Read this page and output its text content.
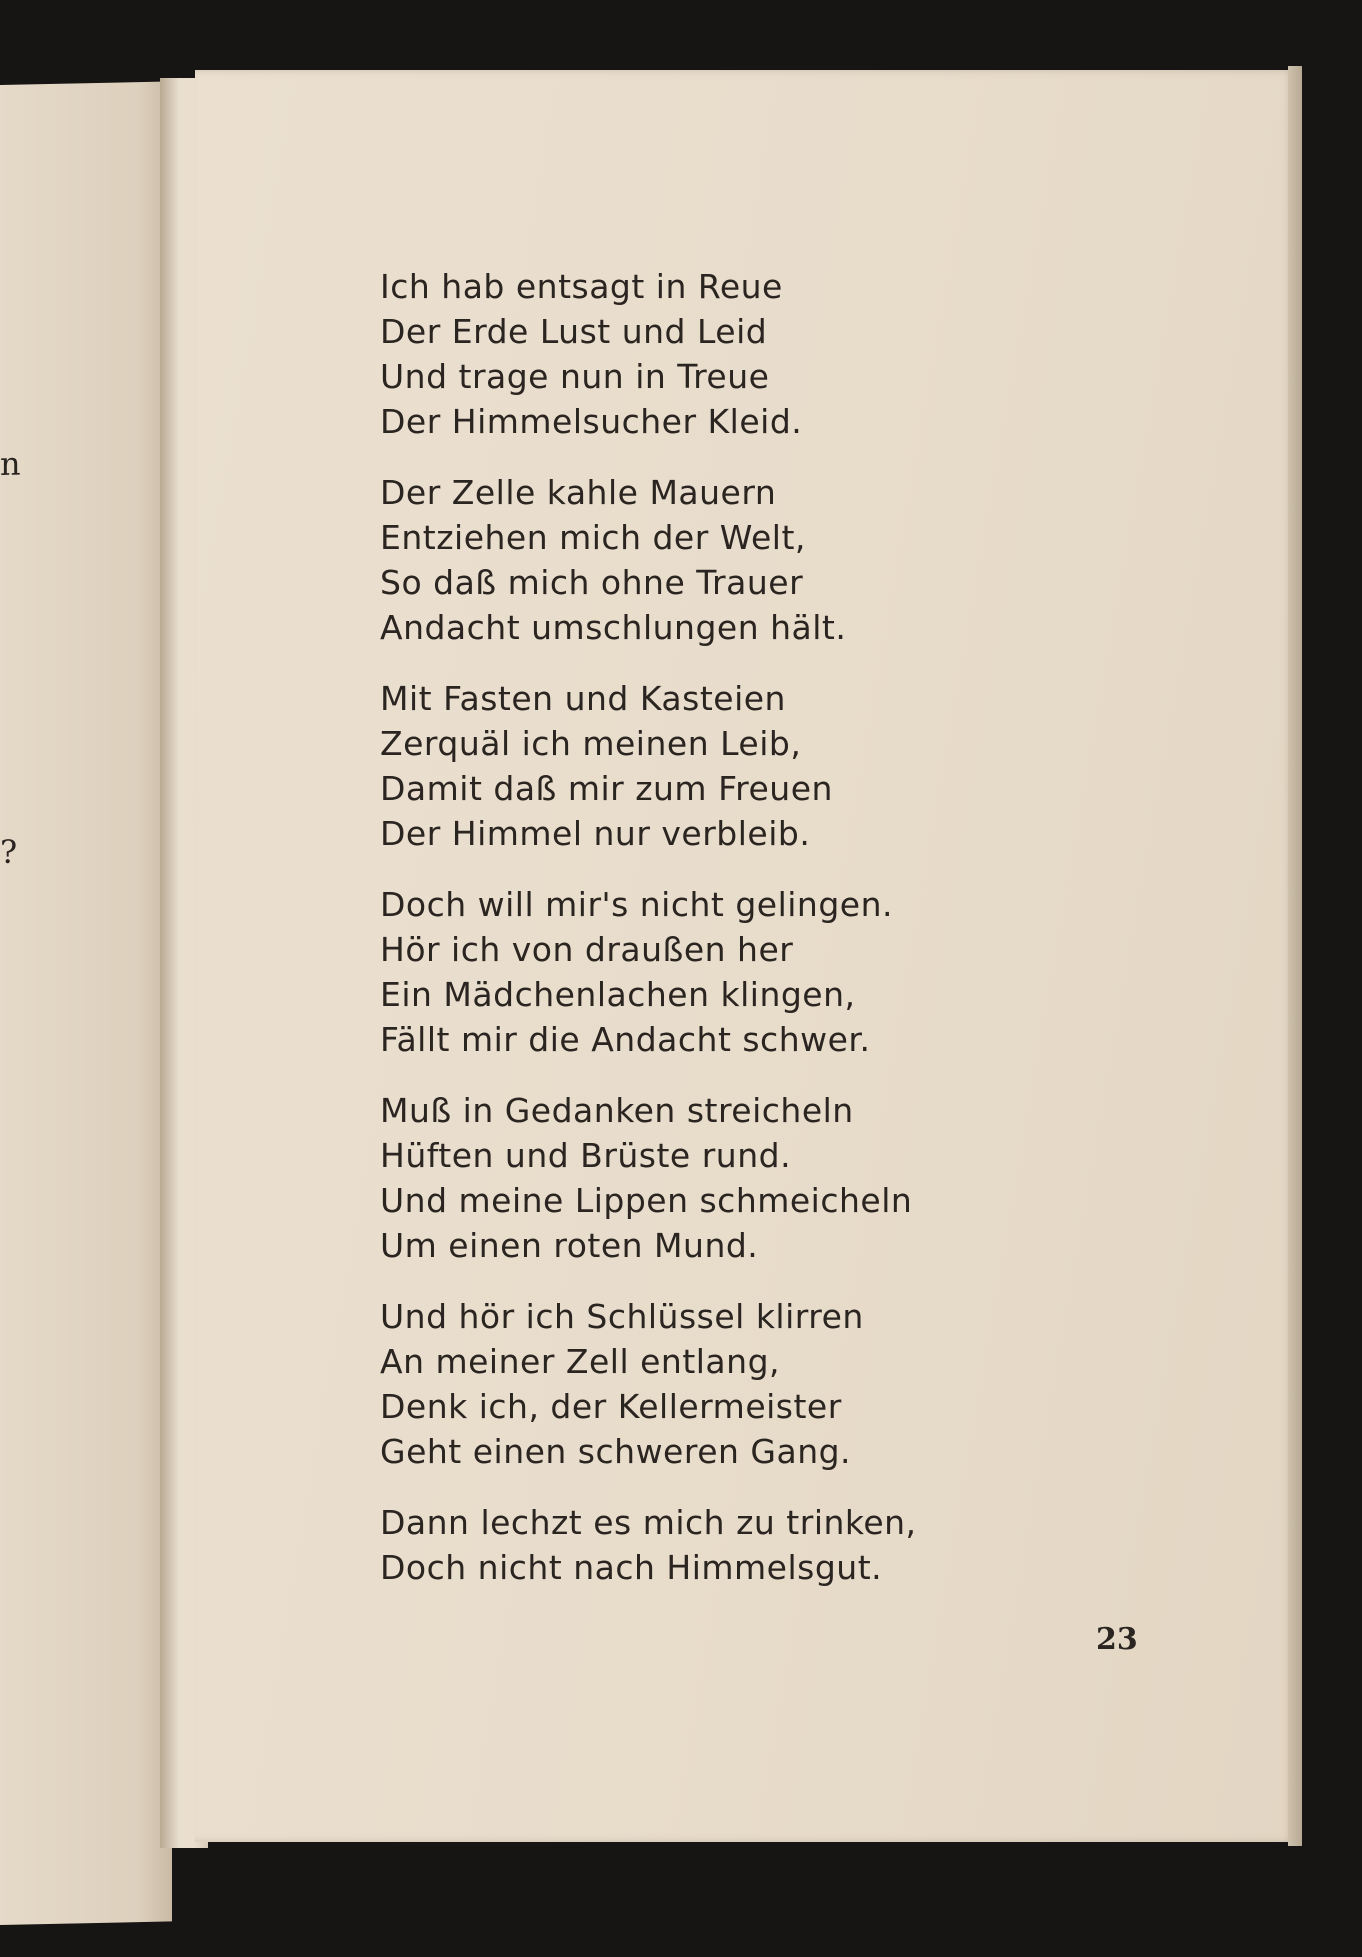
n
?
Ich hab entsagt in Reue
Der Erde Lust und Leid
Und trage nun in Treue
Der Himmelsucher Kleid.
Der Zelle kahle Mauern
Entziehen mich der Welt,
So daß mich ohne Trauer
Andacht umschlungen hält.
Mit Fasten und Kasteien
Zerquäl ich meinen Leib,
Damit daß mir zum Freuen
Der Himmel nur verbleib.
Doch will mir's nicht gelingen.
Hör ich von draußen her
Ein Mädchenlachen klingen,
Fällt mir die Andacht schwer.
Muß in Gedanken streicheln
Hüften und Brüste rund.
Und meine Lippen schmeicheln
Um einen roten Mund.
Und hör ich Schlüssel klirren
An meiner Zell entlang,
Denk ich, der Kellermeister
Geht einen schweren Gang.
Dann lechzt es mich zu trinken,
Doch nicht nach Himmelsgut.
23
